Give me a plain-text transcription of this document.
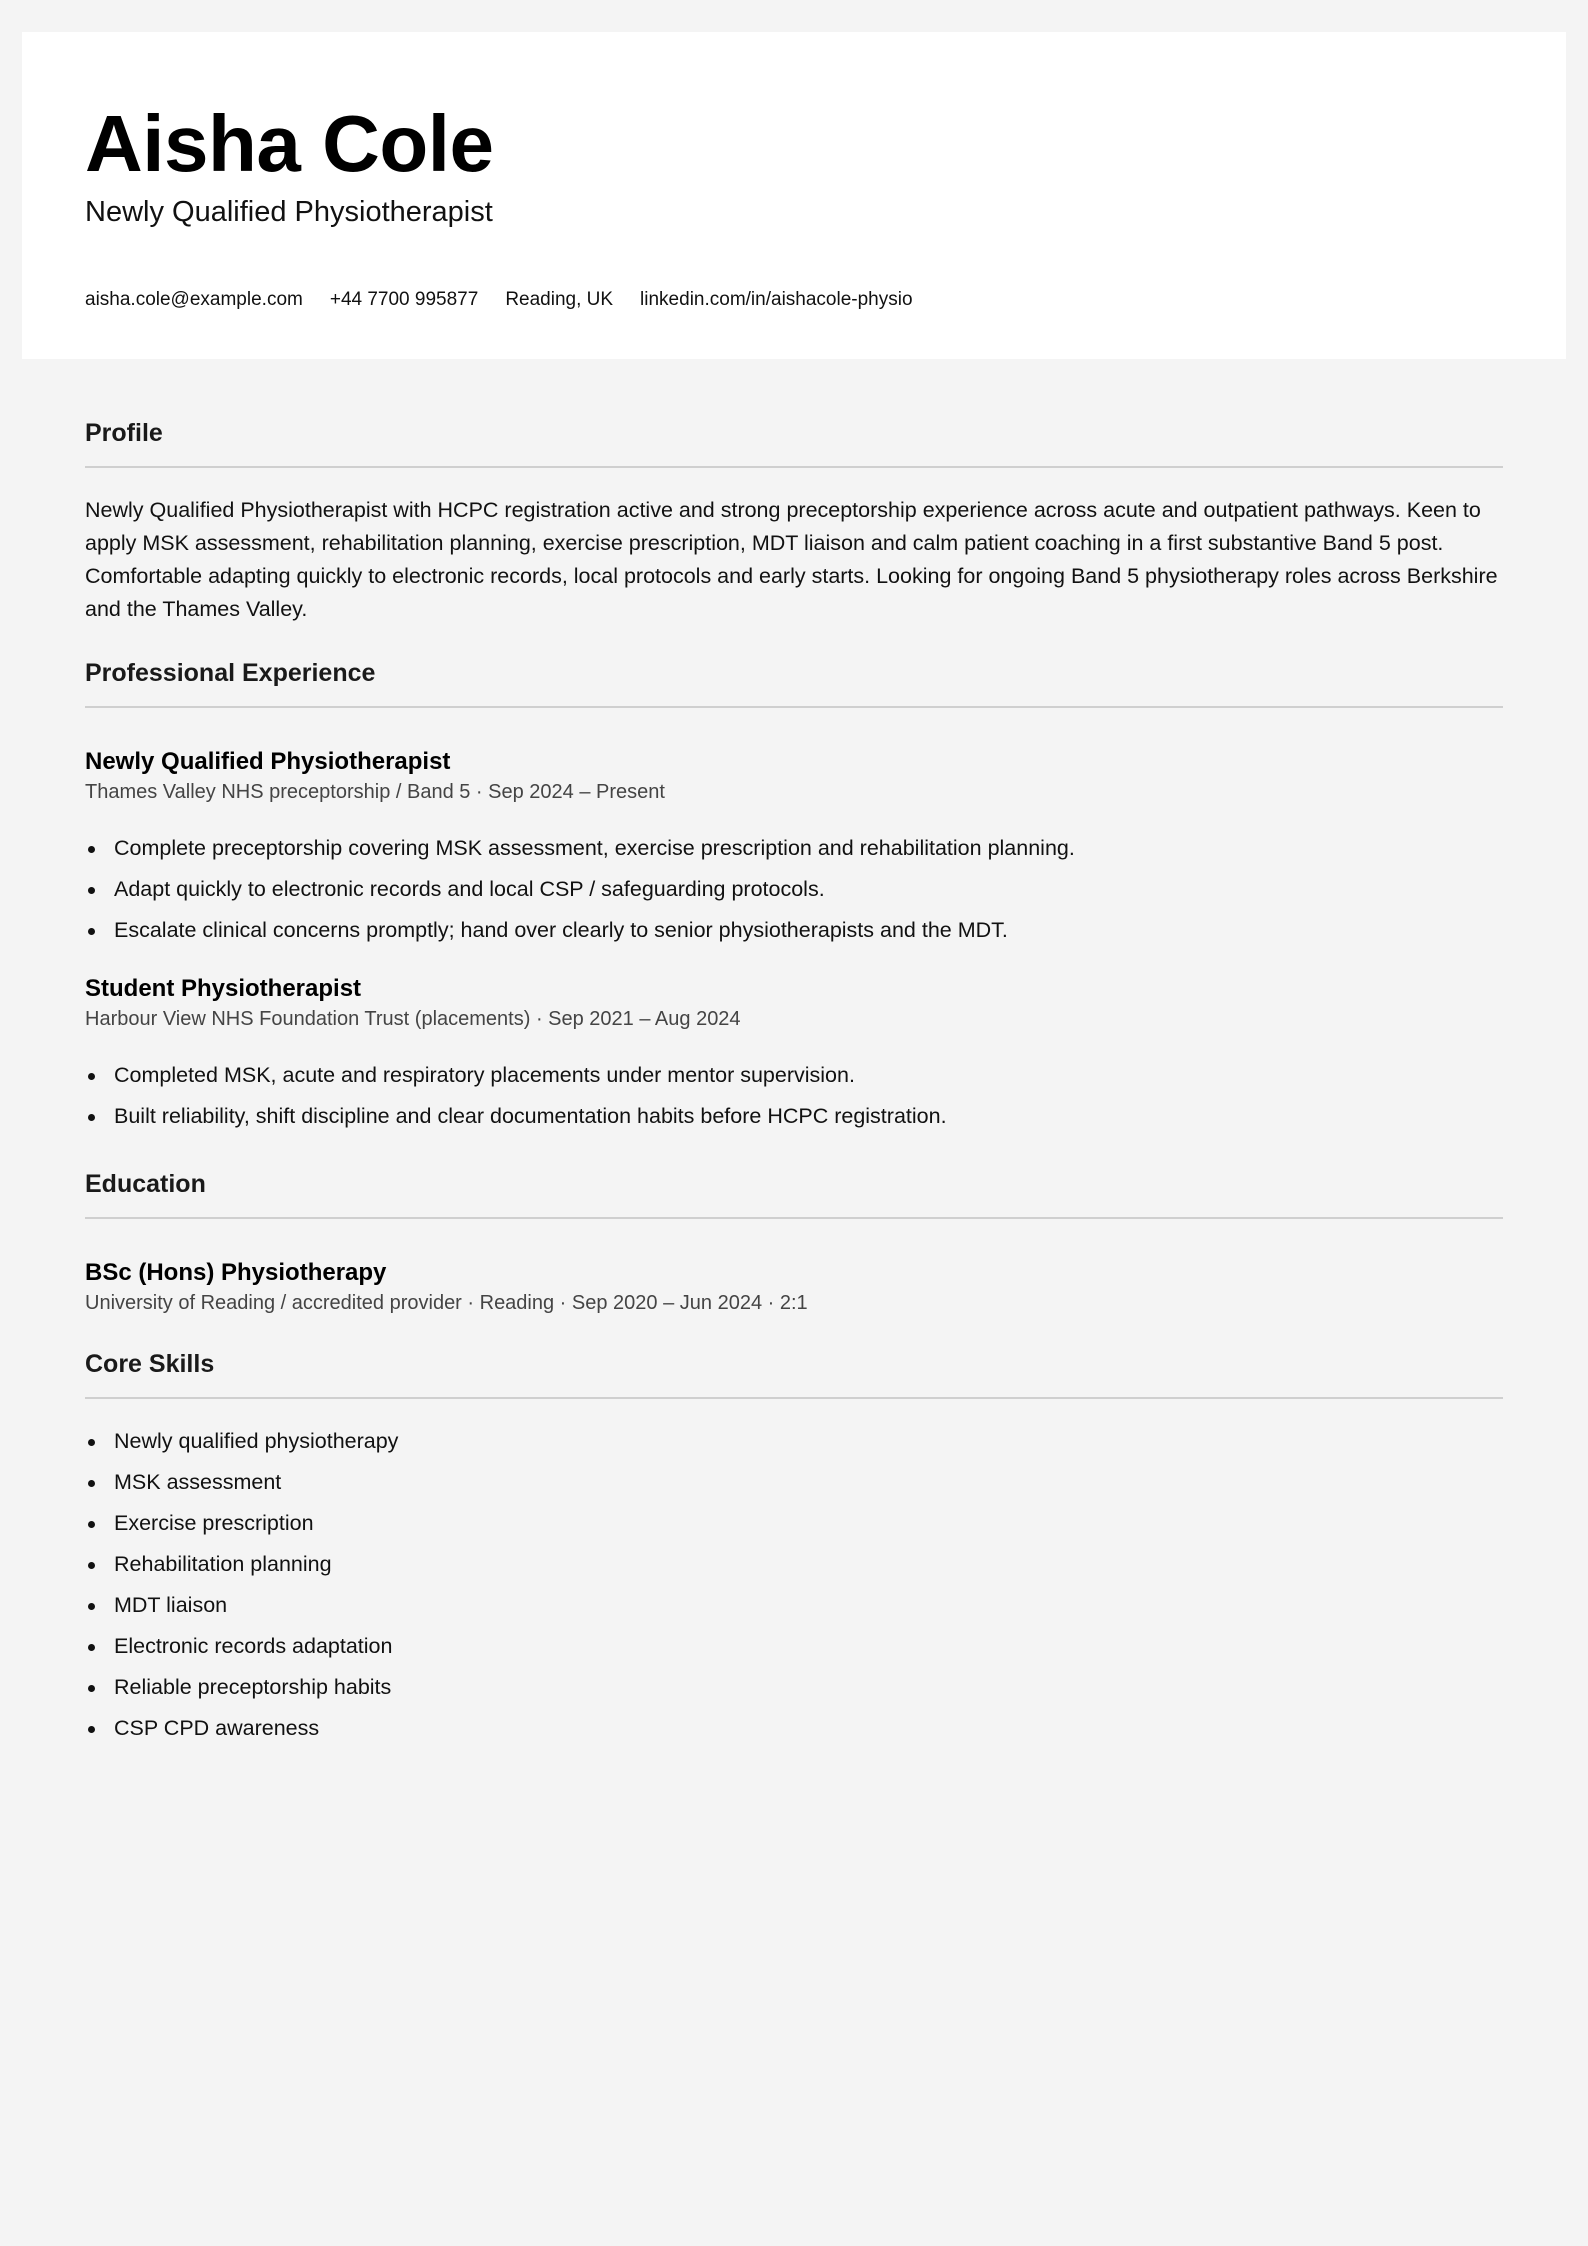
Aisha Cole

Newly Qualified Physiotherapist

aisha.cole@example.com +44 7700 995877 Reading, UK linkedin.com/in/aishacole-physio
Profile

Newly Qualified Physiotherapist with HCPC registration active and strong preceptorship experience across acute and outpatient pathways. Keen to apply MSK assessment, rehabilitation planning, exercise prescription, MDT liaison and calm patient coaching in a first substantive Band 5 post. Comfortable adapting quickly to electronic records, local protocols and early starts. Looking for ongoing Band 5 physiotherapy roles across Berkshire and the Thames Valley.

Professional Experience
Newly Qualified Physiotherapist

Thames Valley NHS preceptorship / Band 5 · Sep 2024 – Present

Complete preceptorship covering MSK assessment, exercise prescription and rehabilitation planning.
Adapt quickly to electronic records and local CSP / safeguarding protocols.
Escalate clinical concerns promptly; hand over clearly to senior physiotherapists and the MDT.
Student Physiotherapist

Harbour View NHS Foundation Trust (placements) · Sep 2021 – Aug 2024

Completed MSK, acute and respiratory placements under mentor supervision.
Built reliability, shift discipline and clear documentation habits before HCPC registration.
Education
BSc (Hons) Physiotherapy

University of Reading / accredited provider · Reading · Sep 2020 – Jun 2024 · 2:1

Core Skills
Newly qualified physiotherapy
MSK assessment
Exercise prescription
Rehabilitation planning
MDT liaison
Electronic records adaptation
Reliable preceptorship habits
CSP CPD awareness
